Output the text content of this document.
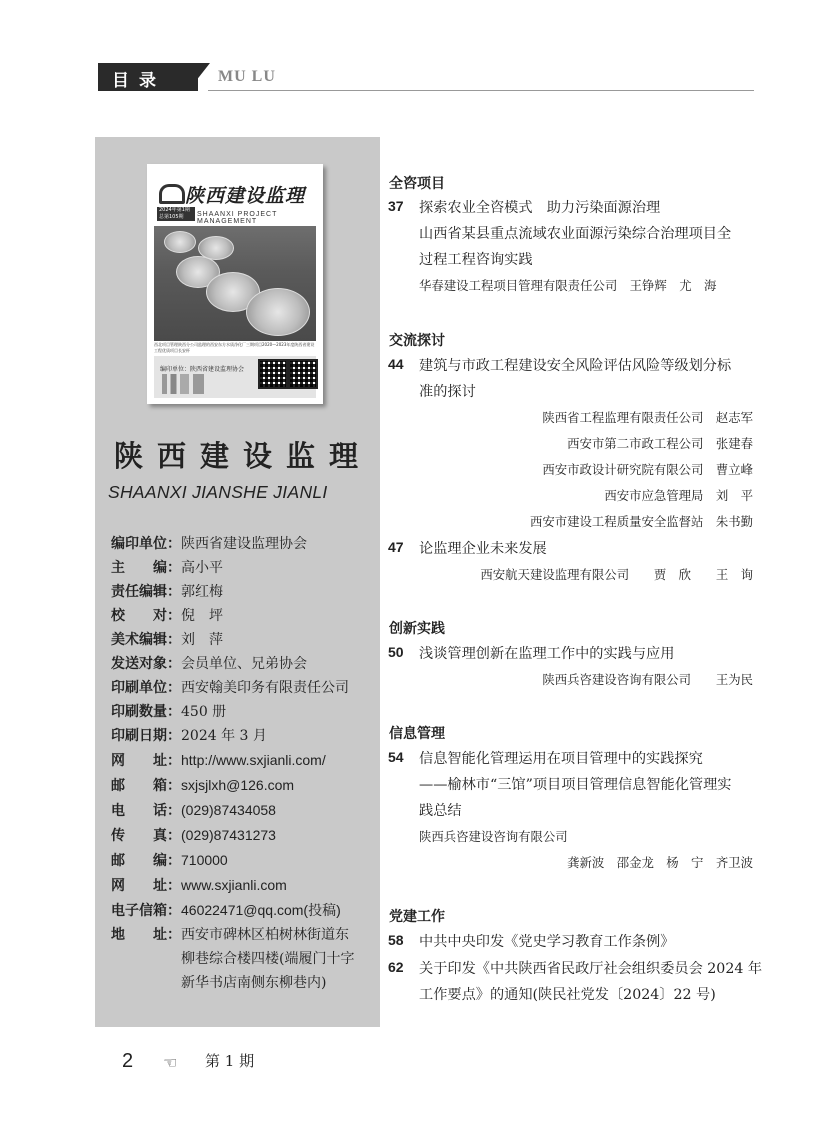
目录	MU LU
陕西建设监理
2024年第1期 总第105期	SHAANXI PROJECT MANAGEMENT
西北项目管理陕西分公司监理的西安东方水质净化厂三期项目2020—2023年度陕西省建设工程优质项目长安杯
编印单位：陕西省建设监理协会
陕西建设监理
SHAANXI JIANSHE JIANLI
编印单位：陕西省建设监理协会
主　　编：高小平
责任编辑：郭红梅
校　　对：倪　坪
美术编辑：刘　萍
发送对象：会员单位、兄弟协会
印刷单位：西安翰美印务有限责任公司
印刷数量：450 册
印刷日期：2024 年 3 月
网　　址：http://www.sxjianli.com/
邮　　箱：sxjsjlxh@126.com
电　　话：(029)87434058
传　　真：(029)87431273
邮　　编：710000
网　　址：www.sxjianli.com
电子信箱：46022471@qq.com(投稿)
地　　址：西安市碑林区柏树林街道东
柳巷综合楼四楼(端履门十字
新华书店南侧东柳巷内)
全咨项目
37 探索农业全咨模式　助力污染面源治理
山西省某县重点流域农业面源污染综合治理项目全
过程工程咨询实践
华春建设工程项目管理有限责任公司　王铮辉　尤　海
交流探讨
44 建筑与市政工程建设安全风险评估风险等级划分标
准的探讨
陕西省工程监理有限责任公司　赵志军
西安市第二市政工程公司　张建春
西安市政设计研究院有限公司　曹立峰
西安市应急管理局　刘　平
西安市建设工程质量安全监督站　朱书勤
47 论监理企业未来发展
西安航天建设监理有限公司　　贾　欣　　王　询
创新实践
50 浅谈管理创新在监理工作中的实践与应用
陕西兵咨建设咨询有限公司　　王为民
信息管理
54 信息智能化管理运用在项目管理中的实践探究
——榆林市“三馆”项目项目管理信息智能化管理实
践总结
陕西兵咨建设咨询有限公司
龚新波　邵金龙　杨　宁　齐卫波
党建工作
58 中共中央印发《党史学习教育工作条例》
62 关于印发《中共陕西省民政厅社会组织委员会 2024 年
工作要点》的通知(陕民社党发〔2024〕22 号)
2 ☜ 第 1 期
